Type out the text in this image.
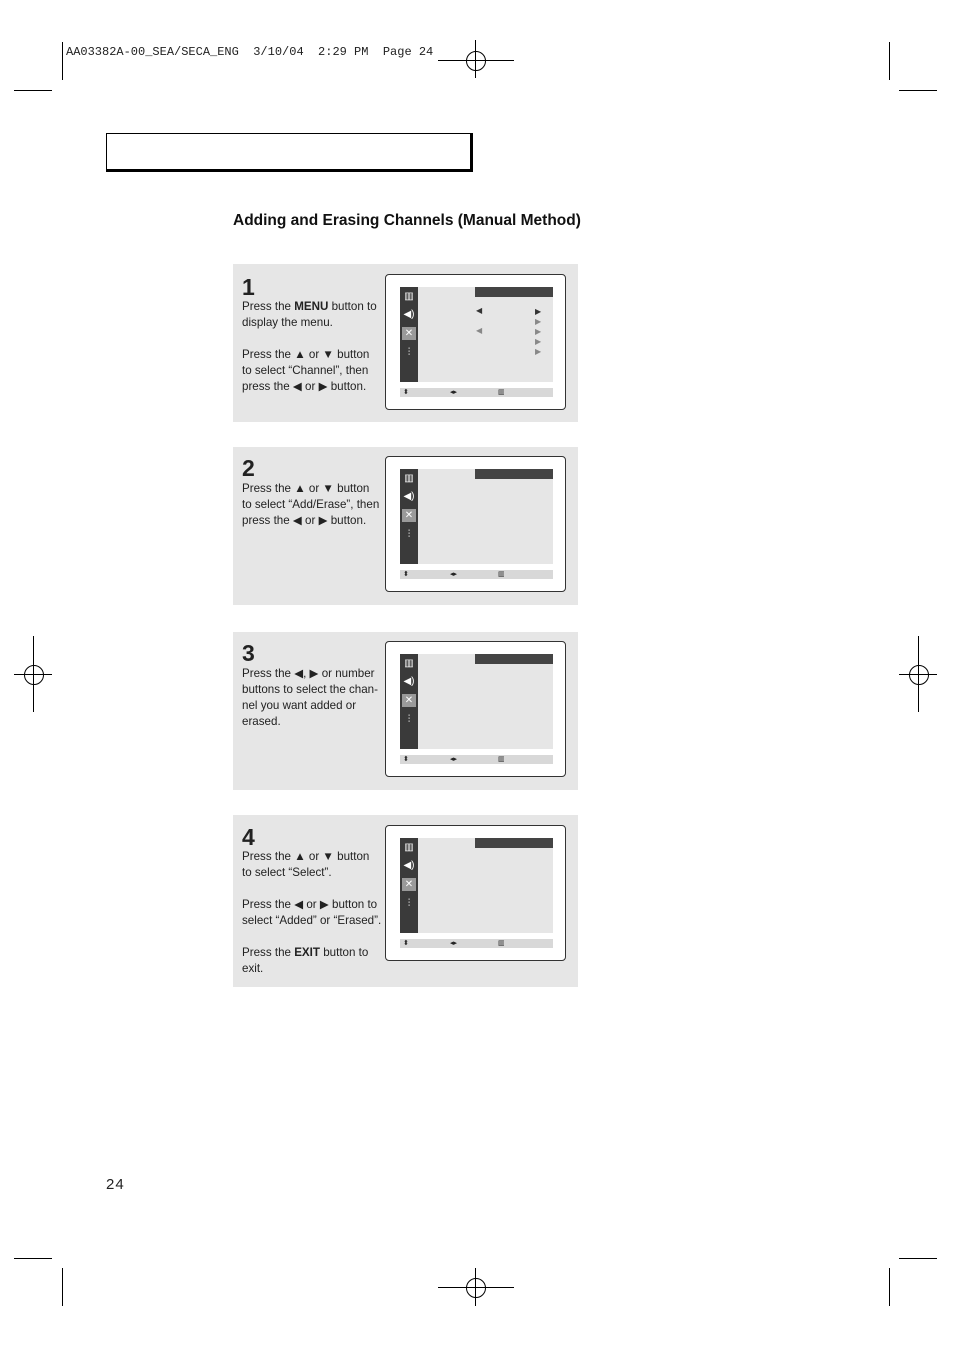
AA03382A-00_SEA/SECA_ENG  3/10/04  2:29 PM  Page 24
Adding and Erasing Channels (Manual Method)
1

Press the MENU button to display the menu.

Press the ▲ or ▼ button to select “Channel”, then press the ◀ or ▶ button.

▥
◀)
✕
⫶
◀	▶
▶
◀	▶
▶
▶
⬍	◂▸	▥
2

Press the ▲ or ▼ button to select “Add/Erase”, then press the ◀ or ▶ button.

▥
◀)
✕
⫶
⬍	◂▸	▥
3

Press the ◀, ▶ or number buttons to select the chan-nel you want added or erased.

▥
◀)
✕
⫶
⬍	◂▸	▥
4

Press the ▲ or ▼ button to select “Select”.

Press the ◀ or ▶ button to select “Added” or “Erased”.

Press the EXIT button to exit.

▥
◀)
✕
⫶
⬍	◂▸	▥
24
